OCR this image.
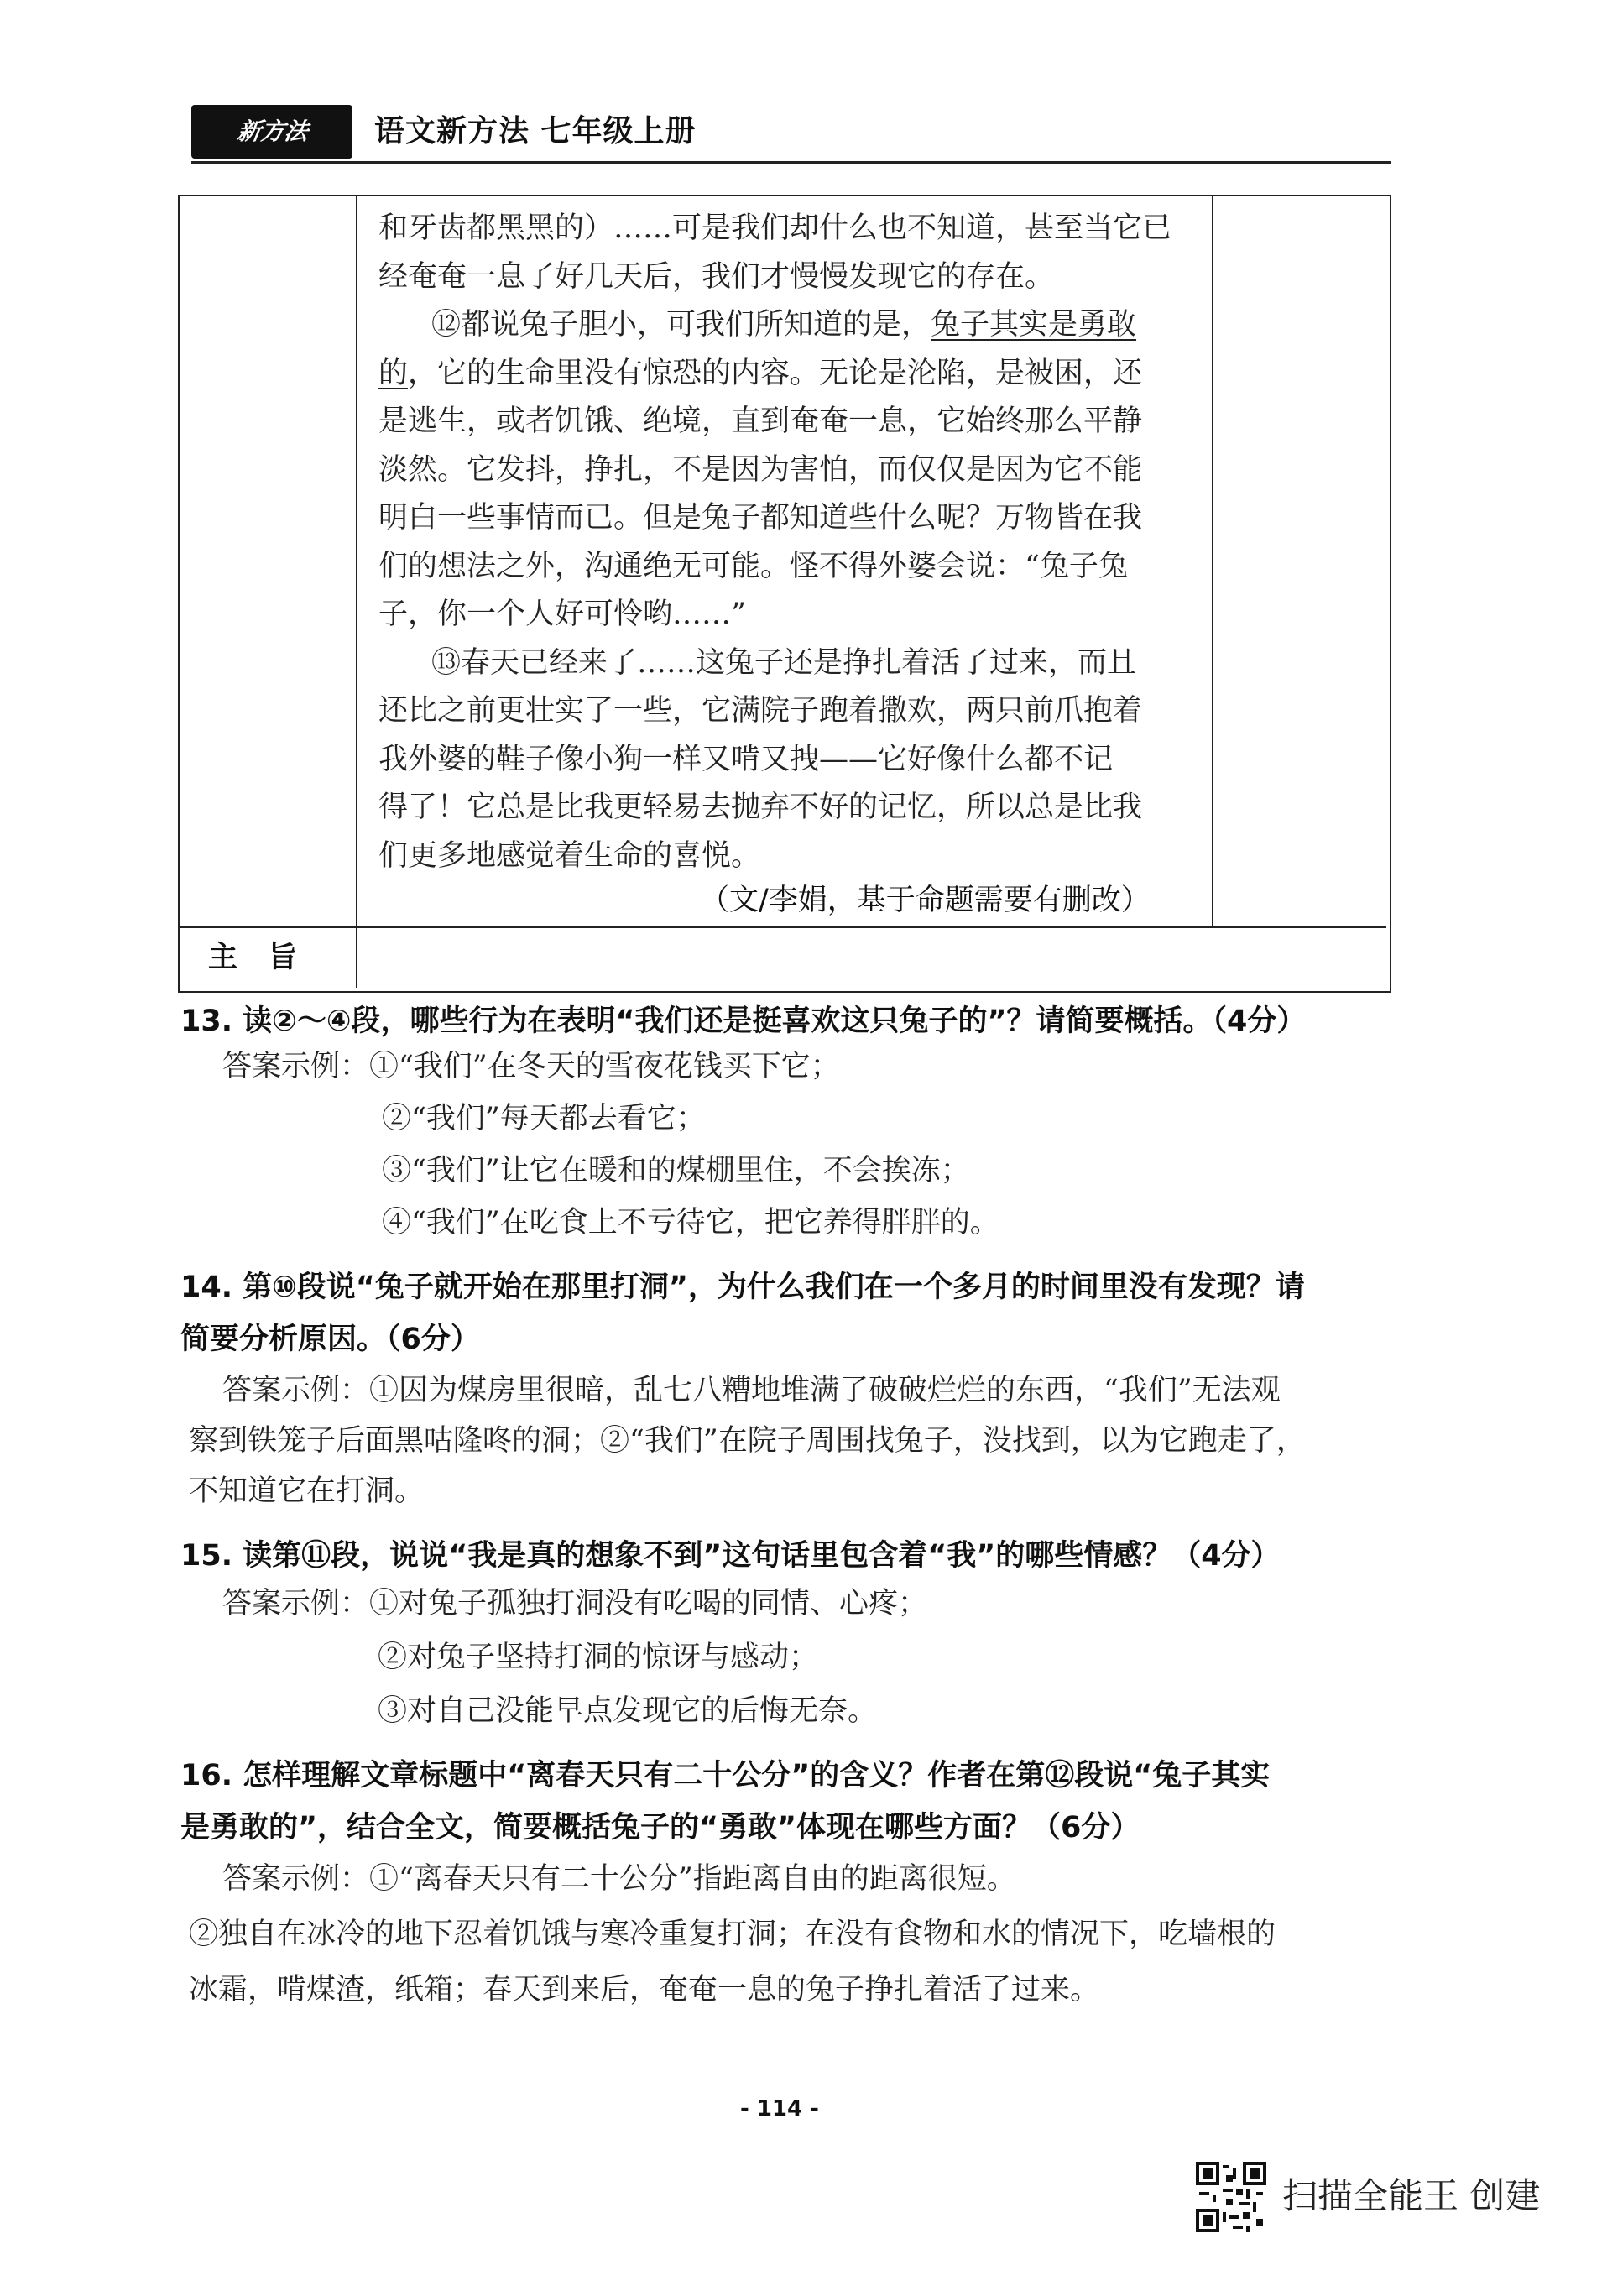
新方法	语文新方法 七年级上册
和牙齿都黑黑的）……可是我们却什么也不知道，甚至当它已
经奄奄一息了好几天后，我们才慢慢发现它的存在。
⑫都说兔子胆小，可我们所知道的是，兔子其实是勇敢
的，它的生命里没有惊恐的内容。无论是沦陷，是被困，还
是逃生，或者饥饿、绝境，直到奄奄一息，它始终那么平静
淡然。它发抖，挣扎，不是因为害怕，而仅仅是因为它不能
明白一些事情而已。但是兔子都知道些什么呢？万物皆在我
们的想法之外，沟通绝无可能。怪不得外婆会说：“兔子兔
子，你一个人好可怜哟……”
⑬春天已经来了……这兔子还是挣扎着活了过来，而且
还比之前更壮实了一些，它满院子跑着撒欢，两只前爪抱着
我外婆的鞋子像小狗一样又啃又拽——它好像什么都不记
得了！它总是比我更轻易去抛弃不好的记忆，所以总是比我
们更多地感觉着生命的喜悦。
（文/李娟，基于命题需要有删改）
主旨
13. 读②～④段，哪些行为在表明“我们还是挺喜欢这只兔子的”？请简要概括。（4分）
答案示例：①“我们”在冬天的雪夜花钱买下它；
②“我们”每天都去看它；
③“我们”让它在暖和的煤棚里住，不会挨冻；
④“我们”在吃食上不亏待它，把它养得胖胖的。
14. 第⑩段说“兔子就开始在那里打洞”，为什么我们在一个多月的时间里没有发现？请
简要分析原因。（6分）
答案示例：①因为煤房里很暗，乱七八糟地堆满了破破烂烂的东西，“我们”无法观
察到铁笼子后面黑咕隆咚的洞；②“我们”在院子周围找兔子，没找到，以为它跑走了，
不知道它在打洞。
15. 读第⑪段，说说“我是真的想象不到”这句话里包含着“我”的哪些情感？（4分）
答案示例：①对兔子孤独打洞没有吃喝的同情、心疼；
②对兔子坚持打洞的惊讶与感动；
③对自己没能早点发现它的后悔无奈。
16. 怎样理解文章标题中“离春天只有二十公分”的含义？作者在第⑫段说“兔子其实
是勇敢的”，结合全文，简要概括兔子的“勇敢”体现在哪些方面？（6分）
答案示例：①“离春天只有二十公分”指距离自由的距离很短。
②独自在冰冷的地下忍着饥饿与寒冷重复打洞；在没有食物和水的情况下，吃墙根的
冰霜，啃煤渣，纸箱；春天到来后，奄奄一息的兔子挣扎着活了过来。
- 114 -
扫描全能王 创建
